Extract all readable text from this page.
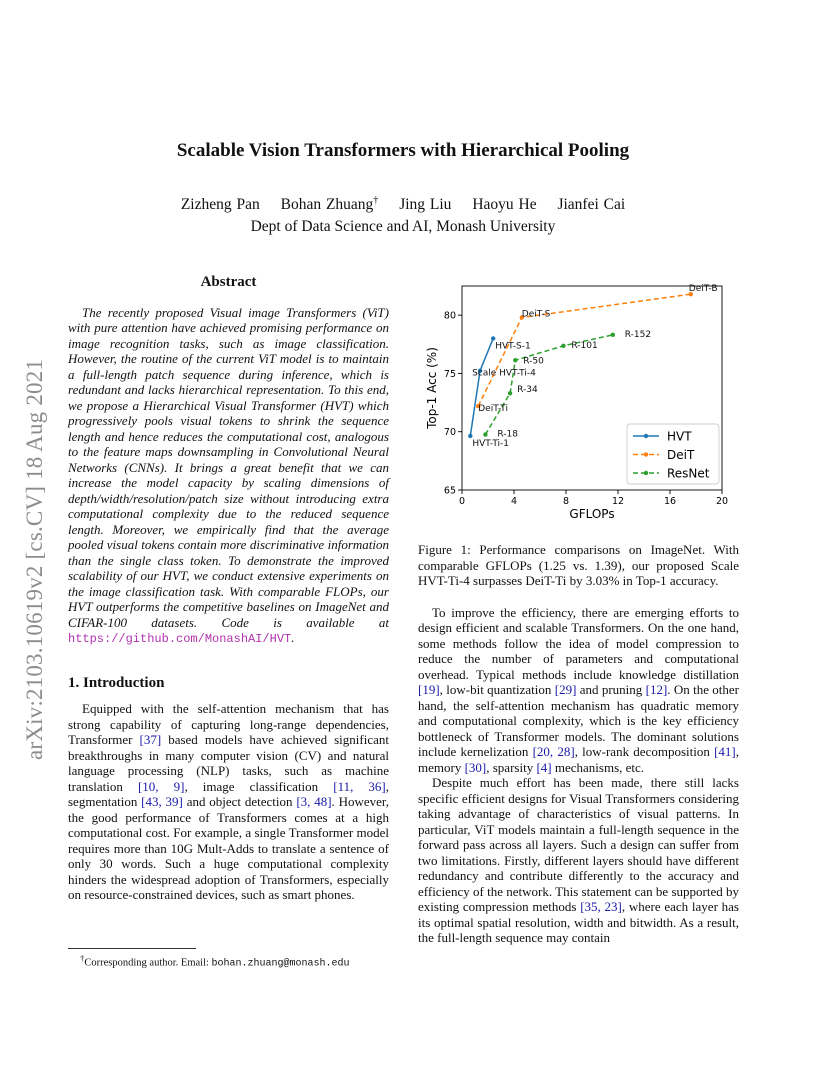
arXiv:2103.10619v2 [cs.CV] 18 Aug 2021
Scalable Vision Transformers with Hierarchical Pooling
Zizheng Pan Bohan Zhuang† Jing Liu Haoyu He Jianfei Cai
Dept of Data Science and AI, Monash University
Abstract

The recently proposed Visual image Transformers (ViT) with pure attention have achieved promising performance on image recognition tasks, such as image classification. However, the routine of the current ViT model is to maintain a full-length patch sequence during inference, which is redundant and lacks hierarchical representation. To this end, we propose a Hierarchical Visual Transformer (HVT) which progressively pools visual tokens to shrink the sequence length and hence reduces the computational cost, analogous to the feature maps downsampling in Convolutional Neural Networks (CNNs). It brings a great benefit that we can increase the model capacity by scaling dimensions of depth/width/resolution/patch size without introducing extra computational complexity due to the reduced sequence length. Moreover, we empirically find that the average pooled visual tokens contain more discriminative information than the single class token. To demonstrate the improved scalability of our HVT, we conduct extensive experiments on the image classification task. With comparable FLOPs, our HVT outperforms the competitive baselines on ImageNet and CIFAR-100 datasets. Code is available at https://github.com/MonashAI/HVT.

1. Introduction

Equipped with the self-attention mechanism that has strong capability of capturing long-range dependencies, Transformer [37] based models have achieved significant breakthroughs in many computer vision (CV) and natural language processing (NLP) tasks, such as machine translation [10, 9], image classification [11, 36], segmentation [43, 39] and object detection [3, 48]. However, the good performance of Transformers comes at a high computational cost. For example, a single Transformer model requires more than 10G Mult-Adds to translate a sentence of only 30 words. Such a huge computational complexity hinders the widespread adoption of Transformers, especially on resource-constrained devices, such as smart phones.

†Corresponding author. Email: bohan.zhuang@monash.edu
0	4	8	12	16	20
65
70
75
80
GFLOPs
Top-1 Acc (%)
HVT-Ti-1
Scale HVT-Ti-4
HVT-S-1
DeiT-Ti
DeiT-S
DeiT-B
R-18
R-34
R-50
R-101
R-152
HVT
DeiT
ResNet

Figure 1: Performance comparisons on ImageNet. With comparable GFLOPs (1.25 vs. 1.39), our proposed Scale HVT-Ti-4 surpasses DeiT-Ti by 3.03% in Top-1 accuracy.

To improve the efficiency, there are emerging efforts to design efficient and scalable Transformers. On the one hand, some methods follow the idea of model compression to reduce the number of parameters and computational overhead. Typical methods include knowledge distillation [19], low-bit quantization [29] and pruning [12]. On the other hand, the self-attention mechanism has quadratic memory and computational complexity, which is the key efficiency bottleneck of Transformer models. The dominant solutions include kernelization [20, 28], low-rank decomposition [41], memory [30], sparsity [4] mechanisms, etc.

Despite much effort has been made, there still lacks specific efficient designs for Visual Transformers considering taking advantage of characteristics of visual patterns. In particular, ViT models maintain a full-length sequence in the forward pass across all layers. Such a design can suffer from two limitations. Firstly, different layers should have different redundancy and contribute differently to the accuracy and efficiency of the network. This statement can be supported by existing compression methods [35, 23], where each layer has its optimal spatial resolution, width and bitwidth. As a result, the full-length sequence may contain
